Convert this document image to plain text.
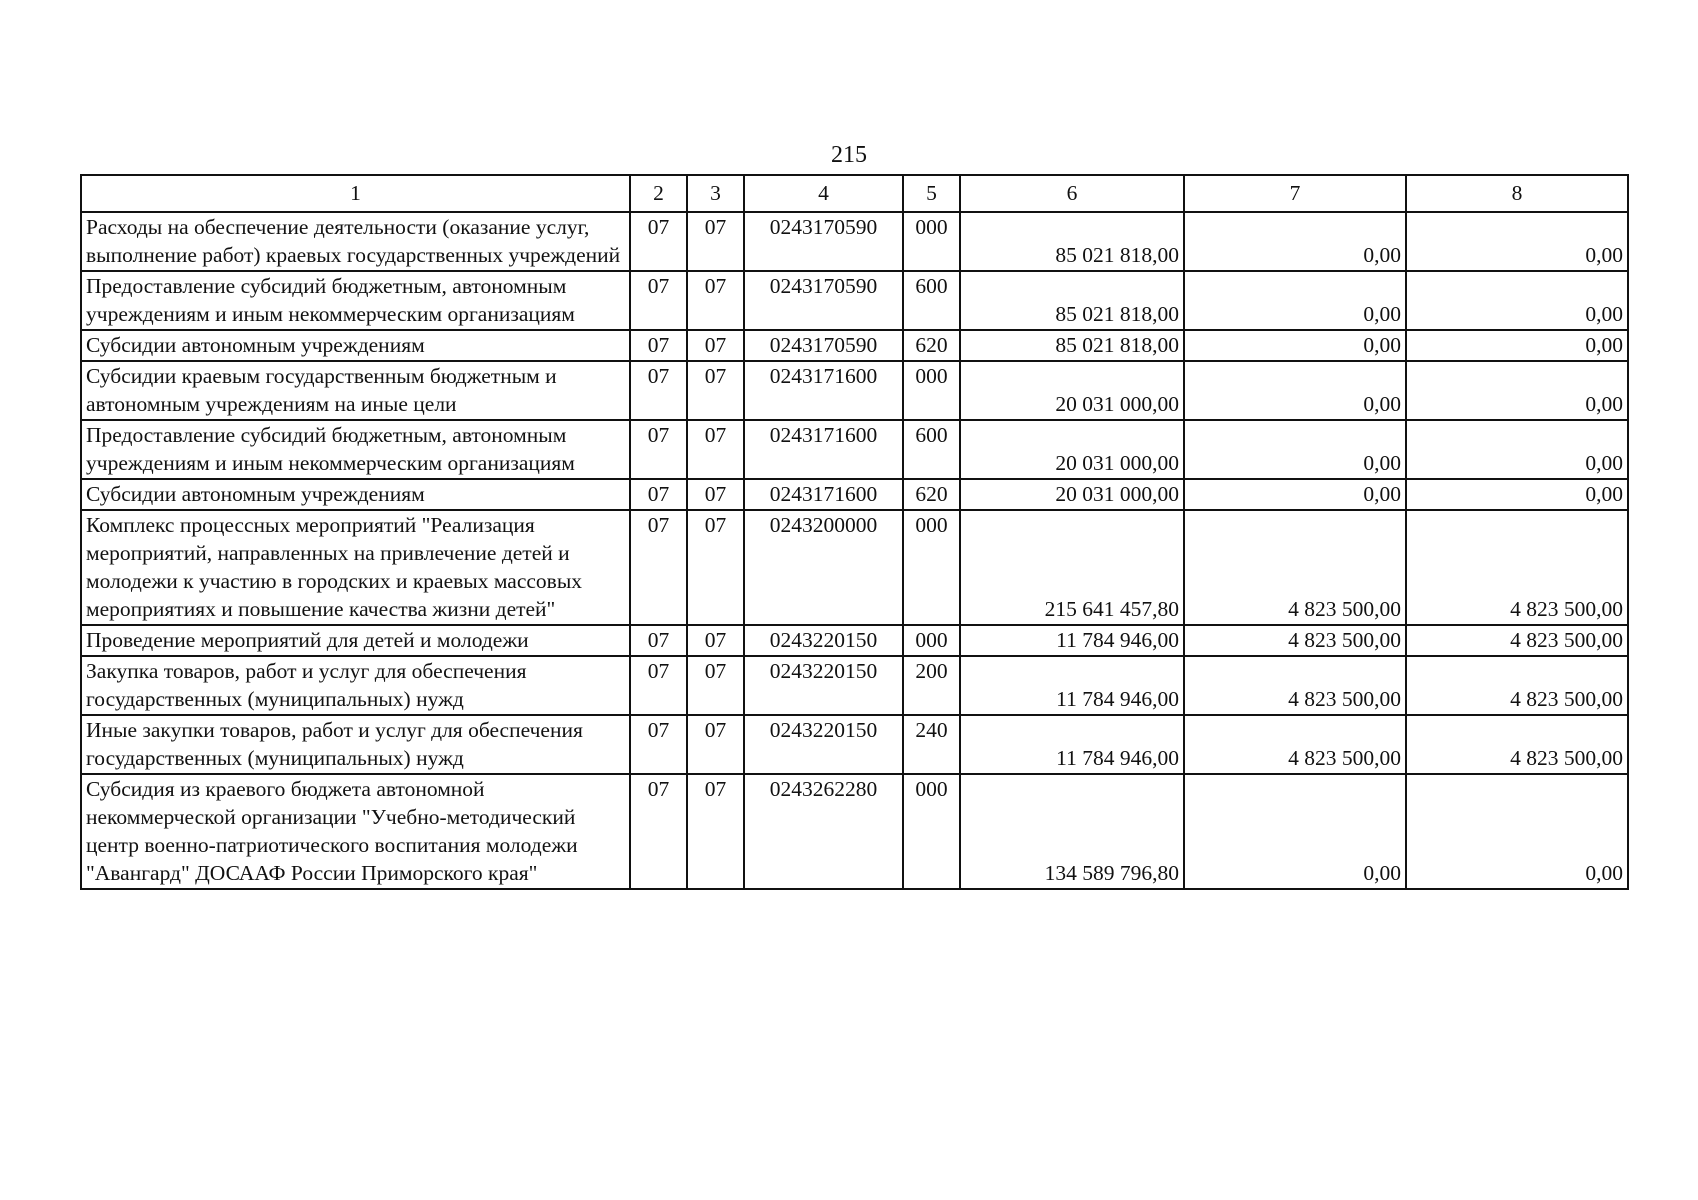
215
1	2	3	4	5	6	7	8
Расходы на обеспечение деятельности (оказание услуг, выполнение работ) краевых государственных учреждений	07	07	0243170590	000	85 021 818,00	0,00	0,00
Предоставление субсидий бюджетным, автономным учреждениям и иным некоммерческим организациям	07	07	0243170590	600	85 021 818,00	0,00	0,00
Субсидии автономным учреждениям	07	07	0243170590	620	85 021 818,00	0,00	0,00
Субсидии краевым государственным бюджетным и автономным учреждениям на иные цели	07	07	0243171600	000	20 031 000,00	0,00	0,00
Предоставление субсидий бюджетным, автономным учреждениям и иным некоммерческим организациям	07	07	0243171600	600	20 031 000,00	0,00	0,00
Субсидии автономным учреждениям	07	07	0243171600	620	20 031 000,00	0,00	0,00
Комплекс процессных мероприятий "Реализация мероприятий, направленных на привлечение детей и молодежи к участию в городских и краевых массовых мероприятиях и повышение качества жизни детей"	07	07	0243200000	000	215 641 457,80	4 823 500,00	4 823 500,00
Проведение мероприятий для детей и молодежи	07	07	0243220150	000	11 784 946,00	4 823 500,00	4 823 500,00
Закупка товаров, работ и услуг для обеспечения государственных (муниципальных) нужд	07	07	0243220150	200	11 784 946,00	4 823 500,00	4 823 500,00
Иные закупки товаров, работ и услуг для обеспечения государственных (муниципальных) нужд	07	07	0243220150	240	11 784 946,00	4 823 500,00	4 823 500,00
Субсидия из краевого бюджета автономной некоммерческой организации "Учебно-методический центр военно-патриотического воспитания молодежи "Авангард" ДОСААФ России Приморского края"	07	07	0243262280	000	134 589 796,80	0,00	0,00
